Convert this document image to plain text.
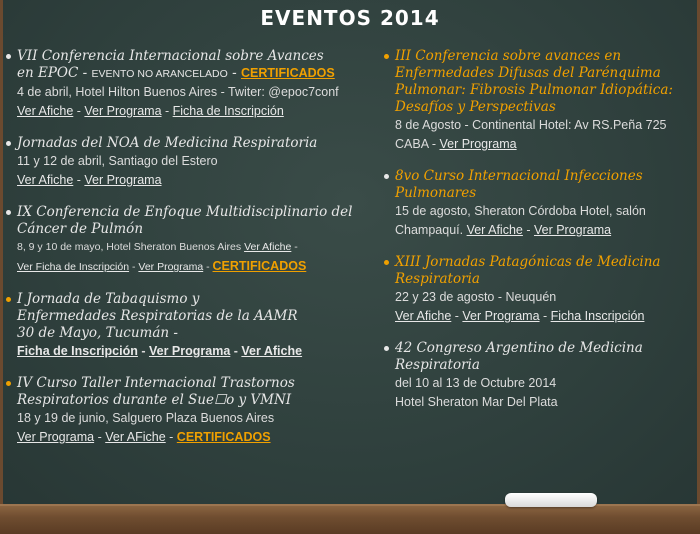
EVENTOS 2014
VII Conferencia Internacional sobre Avances
en EPOC - EVENTO NO ARANCELADO - CERTIFICADOS
4 de abril, Hotel Hilton Buenos Aires - Twiter: @epoc7conf
Ver Afiche - Ver Programa - Ficha de Inscripción
Jornadas del NOA de Medicina Respiratoria
11 y 12 de abril, Santiago del Estero
Ver Afiche - Ver Programa
IX Conferencia de Enfoque Multidisciplinario del
Cáncer de Pulmón
8, 9 y 10 de mayo, Hotel Sheraton Buenos Aires Ver Afiche -
Ver Ficha de Inscripción - Ver Programa - CERTIFICADOS
I Jornada de Tabaquismo y
Enfermedades Respiratorias de la AAMR
30 de Mayo, Tucumán -
Ficha de Inscripción - Ver Programa - Ver Afiche
IV Curso Taller Internacional Trastornos
Respiratorios durante el Sue☐o y VMNI
18 y 19 de junio, Salguero Plaza Buenos Aires
Ver Programa - Ver AFiche - CERTIFICADOS
III Conferencia sobre avances en
Enfermedades Difusas del Parénquima
Pulmonar: Fibrosis Pulmonar Idiopática:
Desafíos y Perspectivas
8 de Agosto - Continental Hotel: Av RS.Peña 725
CABA - Ver Programa
8vo Curso Internacional Infecciones
Pulmonares
15 de agosto, Sheraton Córdoba Hotel, salón
Champaquí. Ver Afiche - Ver Programa
XIII Jornadas Patagónicas de Medicina
Respiratoria
22 y 23 de agosto - Neuquén
Ver Afiche - Ver Programa - Ficha Inscripción
42 Congreso Argentino de Medicina
Respiratoria
del 10 al 13 de Octubre 2014
Hotel Sheraton Mar Del Plata
